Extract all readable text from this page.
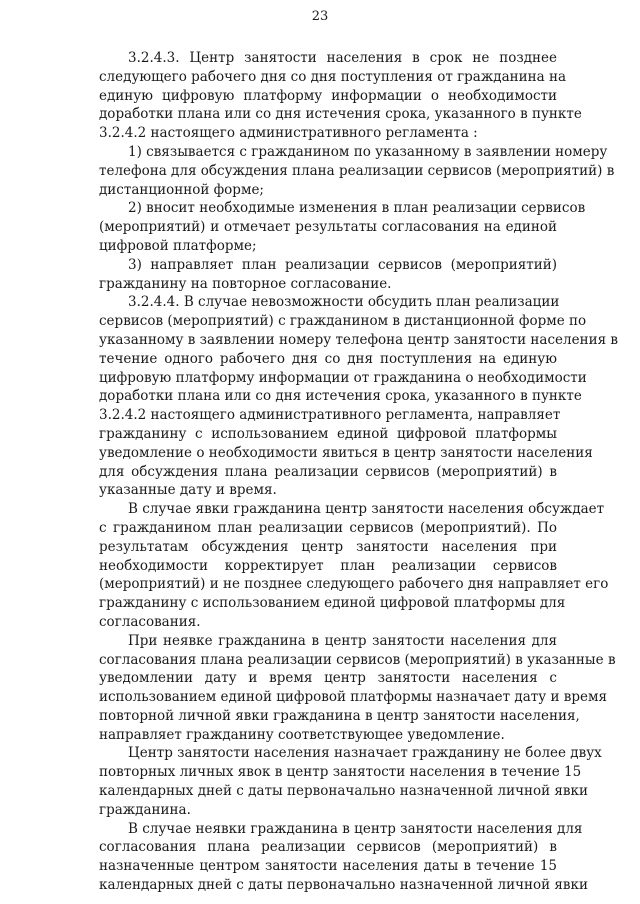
23
3.2.4.3. Центр занятости населения в срок не позднее
следующего рабочего дня со дня поступления от гражданина на
единую цифровую платформу информации о необходимости
доработки плана или со дня истечения срока, указанного в пункте
3.2.4.2 настоящего административного регламента :
1) связывается с гражданином по указанному в заявлении номеру
телефона для обсуждения плана реализации сервисов (мероприятий) в
дистанционной форме;
2) вносит необходимые изменения в план реализации сервисов
(мероприятий) и отмечает результаты согласования на единой
цифровой платформе;
3) направляет план реализации сервисов (мероприятий)
гражданину на повторное согласование.
3.2.4.4. В случае невозможности обсудить план реализации
сервисов (мероприятий) с гражданином в дистанционной форме по
указанному в заявлении номеру телефона центр занятости населения в
течение одного рабочего дня со дня поступления на единую
цифровую платформу информации от гражданина о необходимости
доработки плана или со дня истечения срока, указанного в пункте
3.2.4.2 настоящего административного регламента, направляет
гражданину с использованием единой цифровой платформы
уведомление о необходимости явиться в центр занятости населения
для обсуждения плана реализации сервисов (мероприятий) в
указанные дату и время.
В случае явки гражданина центр занятости населения обсуждает
с гражданином план реализации сервисов (мероприятий). По
результатам обсуждения центр занятости населения при
необходимости корректирует план реализации сервисов
(мероприятий) и не позднее следующего рабочего дня направляет его
гражданину с использованием единой цифровой платформы для
согласования.
При неявке гражданина в центр занятости населения для
согласования плана реализации сервисов (мероприятий) в указанные в
уведомлении дату и время центр занятости населения с
использованием единой цифровой платформы назначает дату и время
повторной личной явки гражданина в центр занятости населения,
направляет гражданину соответствующее уведомление.
Центр занятости населения назначает гражданину не более двух
повторных личных явок в центр занятости населения в течение 15
календарных дней с даты первоначально назначенной личной явки
гражданина.
В случае неявки гражданина в центр занятости населения для
согласования плана реализации сервисов (мероприятий) в
назначенные центром занятости населения даты в течение 15
календарных дней с даты первоначально назначенной личной явки
